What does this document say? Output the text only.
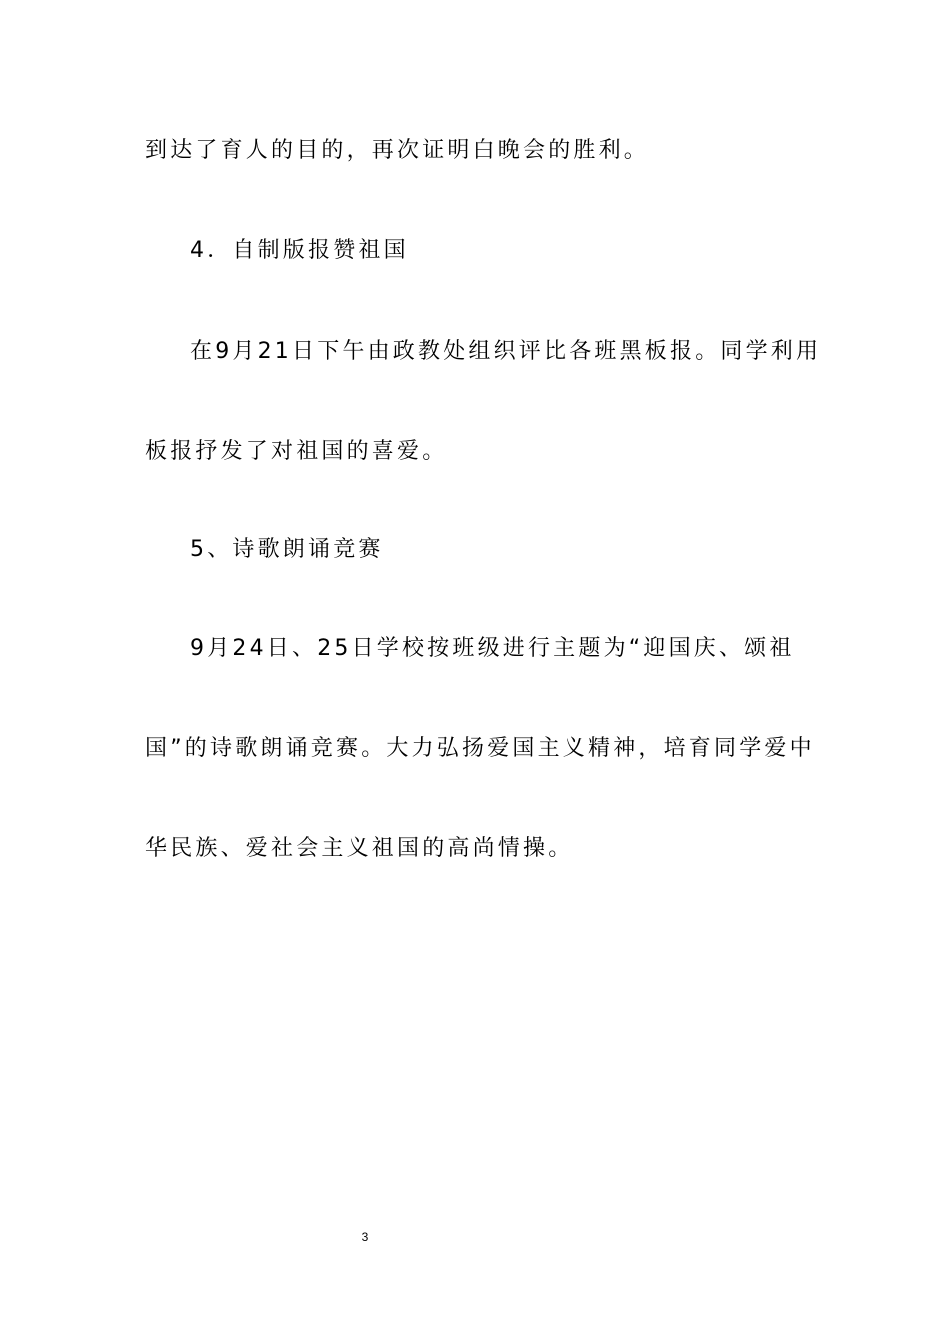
到达了育人的目的，再次证明白晚会的胜利。
4．自制版报赞祖国
在9月21日下午由政教处组织评比各班黑板报。同学利用
板报抒发了对祖国的喜爱。
5、诗歌朗诵竞赛
9月24日、25日学校按班级进行主题为“迎国庆、颂祖
国”的诗歌朗诵竞赛。大力弘扬爱国主义精神，培育同学爱中
华民族、爱社会主义祖国的高尚情操。
3
